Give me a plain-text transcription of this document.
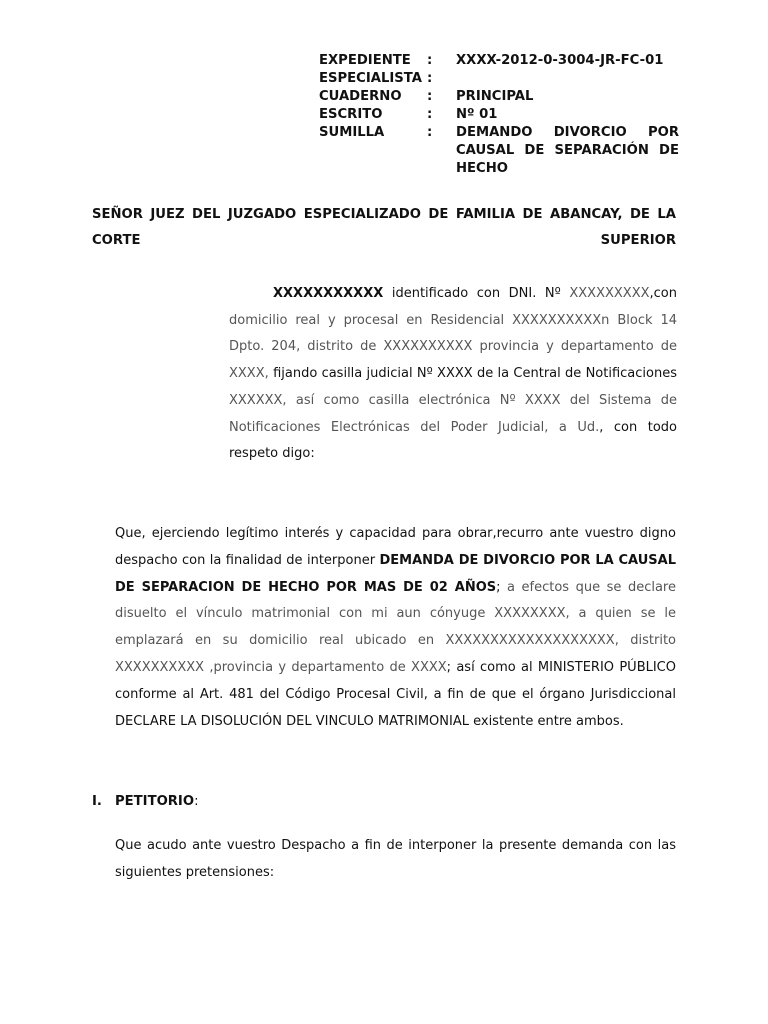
EXPEDIENTE	:	XXXX-2012-0-3004-JR-FC-01
ESPECIALISTA :
CUADERNO	:	PRINCIPAL
ESCRITO	:	Nº 01
SUMILLA	:	DEMANDO DIVORCIO POR CAUSAL DE SEPARACIÓN DE HECHO
SEÑOR JUEZ DEL JUZGADO ESPECIALIZADO DE FAMILIA DE ABANCAY, DE LA CORTE SUPERIOR
XXXXXXXXXXX identificado con DNI. Nº XXXXXXXXX,con domicilio real y procesal en Residencial XXXXXXXXXXn Block 14 Dpto. 204, distrito de XXXXXXXXXX provincia y departamento de XXXX, fijando casilla judicial Nº XXXX de la Central de Notificaciones XXXXXX, así como casilla electrónica Nº XXXX del Sistema de Notificaciones Electrónicas del Poder Judicial, a Ud., con todo respeto digo:
Que, ejerciendo legítimo interés y capacidad para obrar,recurro ante vuestro digno despacho con la finalidad de interponer DEMANDA DE DIVORCIO POR LA CAUSAL DE SEPARACION DE HECHO POR MAS DE 02 AÑOS; a efectos que se declare disuelto el vínculo matrimonial con mi aun cónyuge XXXXXXXX, a quien se le emplazará en su domicilio real ubicado en XXXXXXXXXXXXXXXXXXX, distrito XXXXXXXXXX ,provincia y departamento de XXXX; así como al MINISTERIO PÚBLICO conforme al Art. 481 del Código Procesal Civil, a fin de que el órgano Jurisdiccional DECLARE LA DISOLUCIÓN DEL VINCULO MATRIMONIAL existente entre ambos.
I. PETITORIO:
Que acudo ante vuestro Despacho a fin de interponer la presente demanda con las siguientes pretensiones:
